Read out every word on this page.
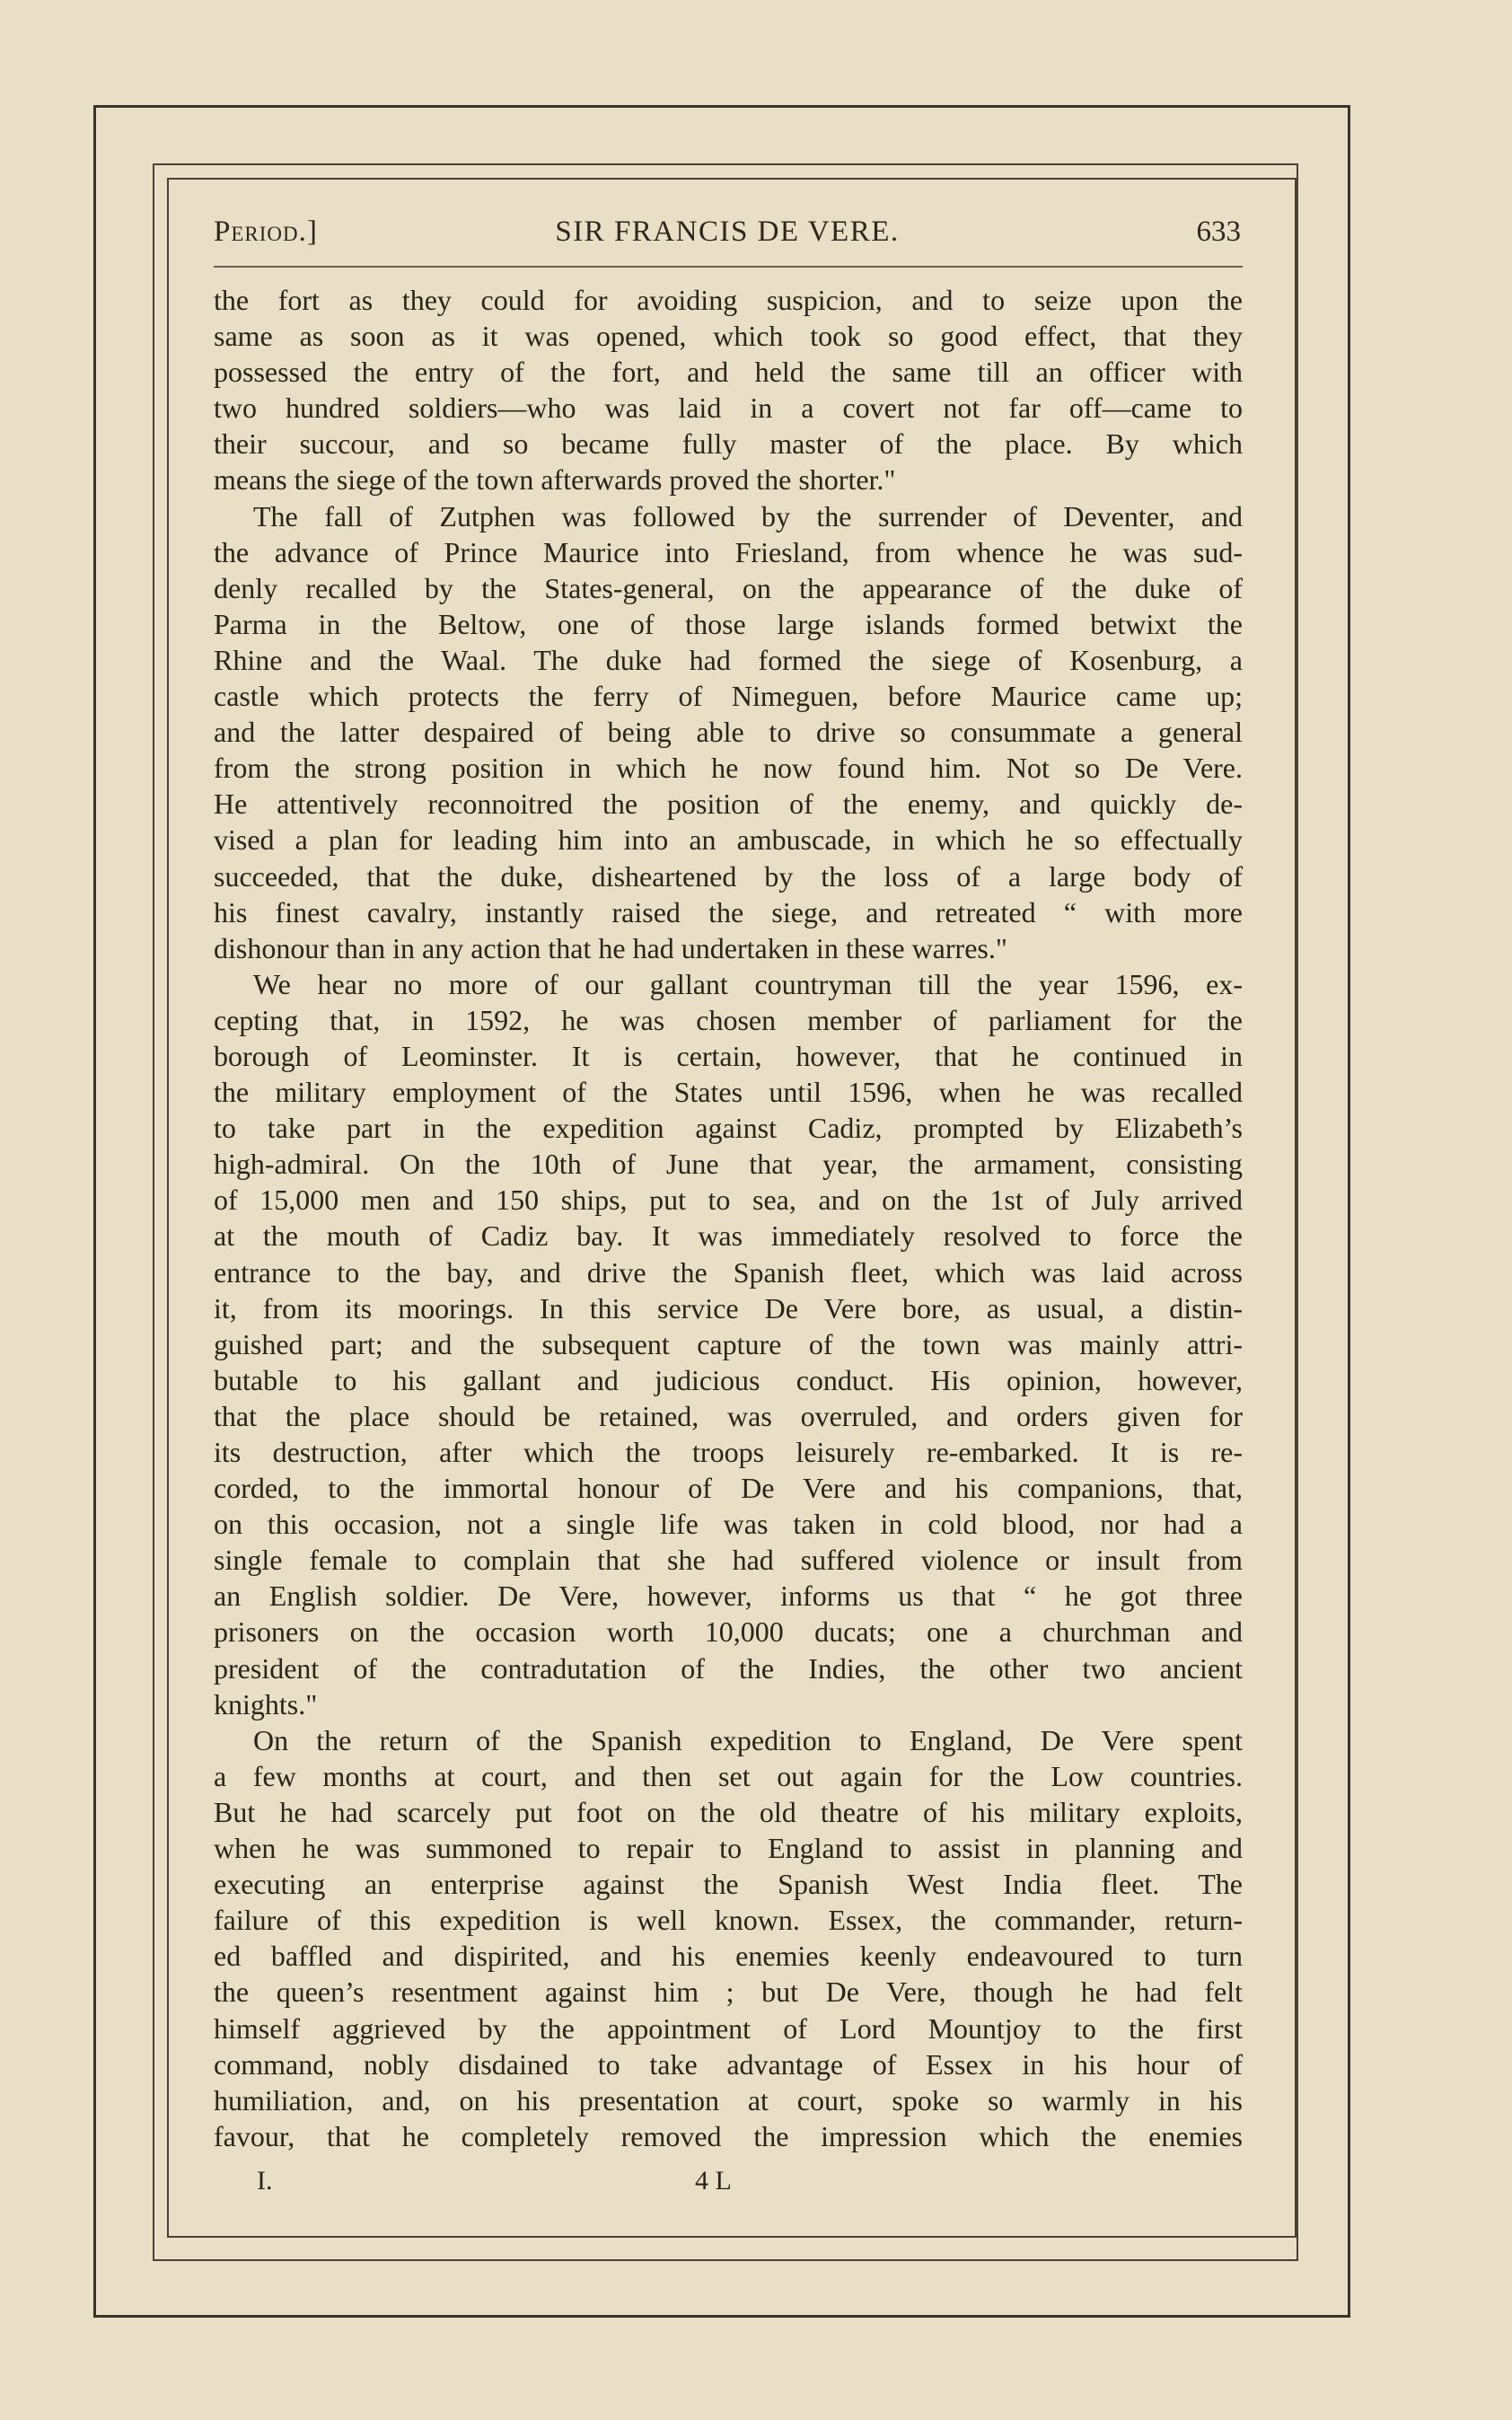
Period.]	SIR FRANCIS DE VERE.	633
the fort as they could for avoiding suspicion, and to seize upon the
same as soon as it was opened, which took so good effect, that they
possessed the entry of the fort, and held the same till an officer with
two hundred soldiers—who was laid in a covert not far off—came to
their succour, and so became fully master of the place. By which
means the siege of the town afterwards proved the shorter."
The fall of Zutphen was followed by the surrender of Deventer, and
the advance of Prince Maurice into Friesland, from whence he was sud-
denly recalled by the States-general, on the appearance of the duke of
Parma in the Beltow, one of those large islands formed betwixt the
Rhine and the Waal. The duke had formed the siege of Kosenburg, a
castle which protects the ferry of Nimeguen, before Maurice came up;
and the latter despaired of being able to drive so consummate a general
from the strong position in which he now found him. Not so De Vere.
He attentively reconnoitred the position of the enemy, and quickly de-
vised a plan for leading him into an ambuscade, in which he so effectually
succeeded, that the duke, disheartened by the loss of a large body of
his finest cavalry, instantly raised the siege, and retreated “ with more
dishonour than in any action that he had undertaken in these warres."
We hear no more of our gallant countryman till the year 1596, ex-
cepting that, in 1592, he was chosen member of parliament for the
borough of Leominster. It is certain, however, that he continued in
the military employment of the States until 1596, when he was recalled
to take part in the expedition against Cadiz, prompted by Elizabeth’s
high-admiral. On the 10th of June that year, the armament, consisting
of 15,000 men and 150 ships, put to sea, and on the 1st of July arrived
at the mouth of Cadiz bay. It was immediately resolved to force the
entrance to the bay, and drive the Spanish fleet, which was laid across
it, from its moorings. In this service De Vere bore, as usual, a distin-
guished part; and the subsequent capture of the town was mainly attri-
butable to his gallant and judicious conduct. His opinion, however,
that the place should be retained, was overruled, and orders given for
its destruction, after which the troops leisurely re-embarked. It is re-
corded, to the immortal honour of De Vere and his companions, that,
on this occasion, not a single life was taken in cold blood, nor had a
single female to complain that she had suffered violence or insult from
an English soldier. De Vere, however, informs us that “ he got three
prisoners on the occasion worth 10,000 ducats; one a churchman and
president of the contradutation of the Indies, the other two ancient
knights."
On the return of the Spanish expedition to England, De Vere spent
a few months at court, and then set out again for the Low countries.
But he had scarcely put foot on the old theatre of his military exploits,
when he was summoned to repair to England to assist in planning and
executing an enterprise against the Spanish West India fleet. The
failure of this expedition is well known. Essex, the commander, return-
ed baffled and dispirited, and his enemies keenly endeavoured to turn
the queen’s resentment against him ; but De Vere, though he had felt
himself aggrieved by the appointment of Lord Mountjoy to the first
command, nobly disdained to take advantage of Essex in his hour of
humiliation, and, on his presentation at court, spoke so warmly in his
favour, that he completely removed the impression which the enemies
I.	4 L
